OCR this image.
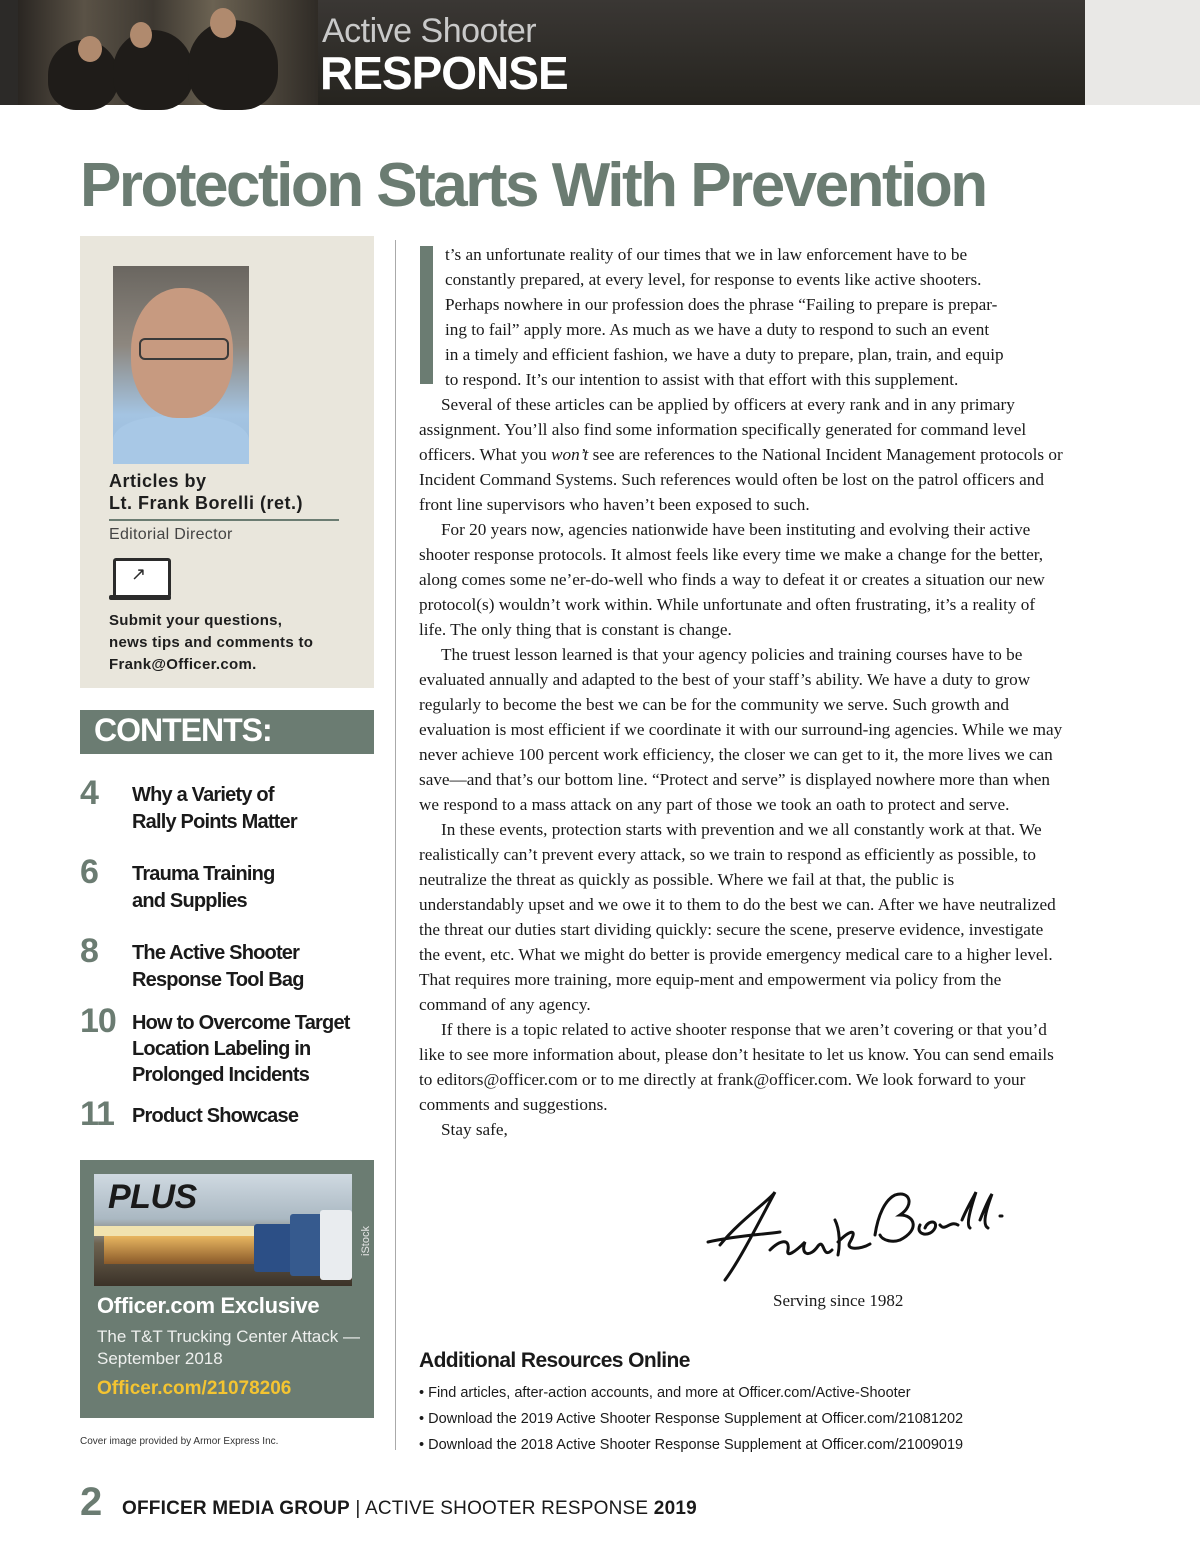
Active Shooter
RESPONSE
Protection Starts With Prevention
Articles by
Lt. Frank Borelli (ret.)
Editorial Director
↗
Submit your questions,
news tips and comments to
Frank@Officer.com.
CONTENTS:
4 Why a Variety of
Rally Points Matter
6 Trauma Training
and Supplies
8 The Active Shooter
Response Tool Bag
10 How to Overcome Target
Location Labeling in
Prolonged Incidents
11 Product Showcase
PLUS
iStock
Officer.com Exclusive
The T&T Trucking Center Attack —
September 2018
Officer.com/21078206
Cover image provided by Armor Express Inc.

t’s an unfortunate reality of our times that we in law enforcement have to be
constantly prepared, at every level, for response to events like active shooters.
Perhaps nowhere in our profession does the phrase “Failing to prepare is prepar-
ing to fail” apply more. As much as we have a duty to respond to such an event
in a timely and efficient fashion, we have a duty to prepare, plan, train, and equip
to respond. It’s our intention to assist with that effort with this supplement.

Several of these articles can be applied by officers at every rank and in any primary assignment. You’ll also find some information specifically generated for command level officers. What you won’t see are references to the National Incident Management protocols or Incident Command Systems. Such references would often be lost on the patrol officers and front line supervisors who haven’t been exposed to such.

For 20 years now, agencies nationwide have been instituting and evolving their active shooter response protocols. It almost feels like every time we make a change for the better, along comes some ne’er-do-well who finds a way to defeat it or creates a situation our new protocol(s) wouldn’t work within. While unfortunate and often frustrating, it’s a reality of life. The only thing that is constant is change.

The truest lesson learned is that your agency policies and training courses have to be evaluated annually and adapted to the best of your staff’s ability. We have a duty to grow regularly to become the best we can be for the community we serve. Such growth and evaluation is most efficient if we coordinate it with our surround-ing agencies. While we may never achieve 100 percent work efficiency, the closer we can get to it, the more lives we can save—and that’s our bottom line. “Protect and serve” is displayed nowhere more than when we respond to a mass attack on any part of those we took an oath to protect and serve.

In these events, protection starts with prevention and we all constantly work at that. We realistically can’t prevent every attack, so we train to respond as efficiently as possible, to neutralize the threat as quickly as possible. Where we fail at that, the public is understandably upset and we owe it to them to do the best we can. After we have neutralized the threat our duties start dividing quickly: secure the scene, preserve evidence, investigate the event, etc. What we might do better is provide emergency medical care to a higher level. That requires more training, more equip-ment and empowerment via policy from the command of any agency.

If there is a topic related to active shooter response that we aren’t covering or that you’d like to see more information about, please don’t hesitate to let us know. You can send emails to editors@officer.com or to me directly at frank@officer.com. We look forward to your comments and suggestions.

Stay safe,

Serving since 1982
Additional Resources Online
• Find articles, after-action accounts, and more at Officer.com/Active-Shooter
• Download the 2019 Active Shooter Response Supplement at Officer.com/21081202
• Download the 2018 Active Shooter Response Supplement at Officer.com/21009019
2 OFFICER MEDIA GROUP | ACTIVE SHOOTER RESPONSE 2019
